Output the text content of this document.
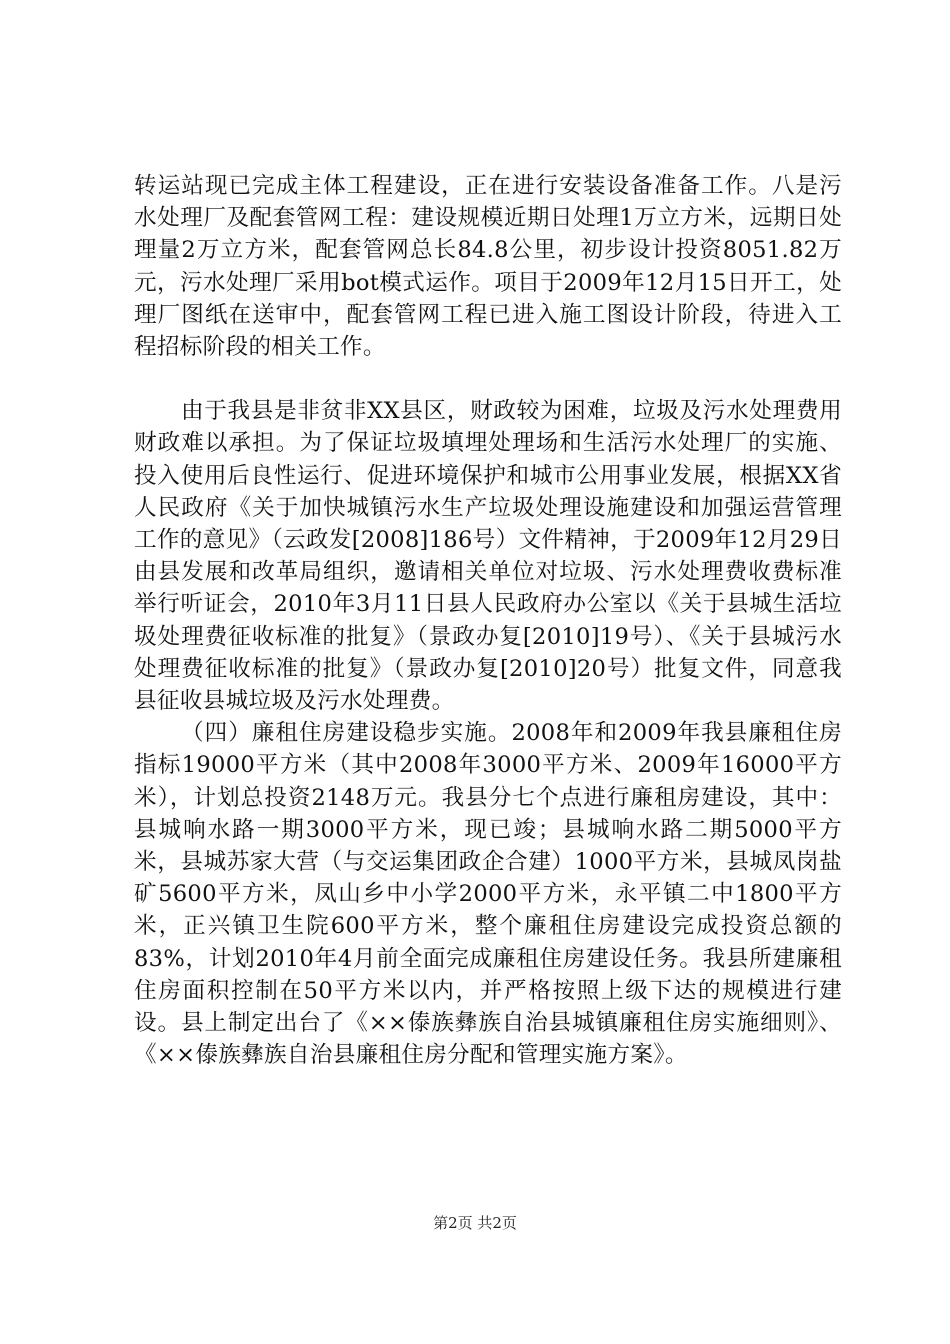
转运站现已完成主体工程建设，正在进行安装设备准备工作。八是污水处理厂及配套管网工程：建设规模近期日处理1万立方米，远期日处理量2万立方米，配套管网总长84.8公里，初步设计投资8051.82万元，污水处理厂采用bot模式运作。项目于2009年12月15日开工，处理厂图纸在送审中，配套管网工程已进入施工图设计阶段，待进入工程招标阶段的相关工作。

由于我县是非贫非XX县区，财政较为困难，垃圾及污水处理费用财政难以承担。为了保证垃圾填埋处理场和生活污水处理厂的实施、投入使用后良性运行、促进环境保护和城市公用事业发展，根据XX省人民政府《关于加快城镇污水生产垃圾处理设施建设和加强运营管理工作的意见》（云政发[2008]186号）文件精神，于2009年12月29日由县发展和改革局组织，邀请相关单位对垃圾、污水处理费收费标准举行听证会，2010年3月11日县人民政府办公室以《关于县城生活垃圾处理费征收标准的批复》（景政办复[2010]19号）、《关于县城污水处理费征收标准的批复》（景政办复[2010]20号）批复文件，同意我县征收县城垃圾及污水处理费。

（四）廉租住房建设稳步实施。2008年和2009年我县廉租住房指标19000平方米（其中2008年3000平方米、2009年16000平方米），计划总投资2148万元。我县分七个点进行廉租房建设，其中：县城响水路一期3000平方米，现已竣；县城响水路二期5000平方米，县城苏家大营（与交运集团政企合建）1000平方米，县城凤岗盐矿5600平方米，凤山乡中小学2000平方米，永平镇二中1800平方米，正兴镇卫生院600平方米，整个廉租住房建设完成投资总额的83%，计划2010年4月前全面完成廉租住房建设任务。我县所建廉租住房面积控制在50平方米以内，并严格按照上级下达的规模进行建设。县上制定出台了《××傣族彝族自治县城镇廉租住房实施细则》、《××傣族彝族自治县廉租住房分配和管理实施方案》。

第2页 共2页
